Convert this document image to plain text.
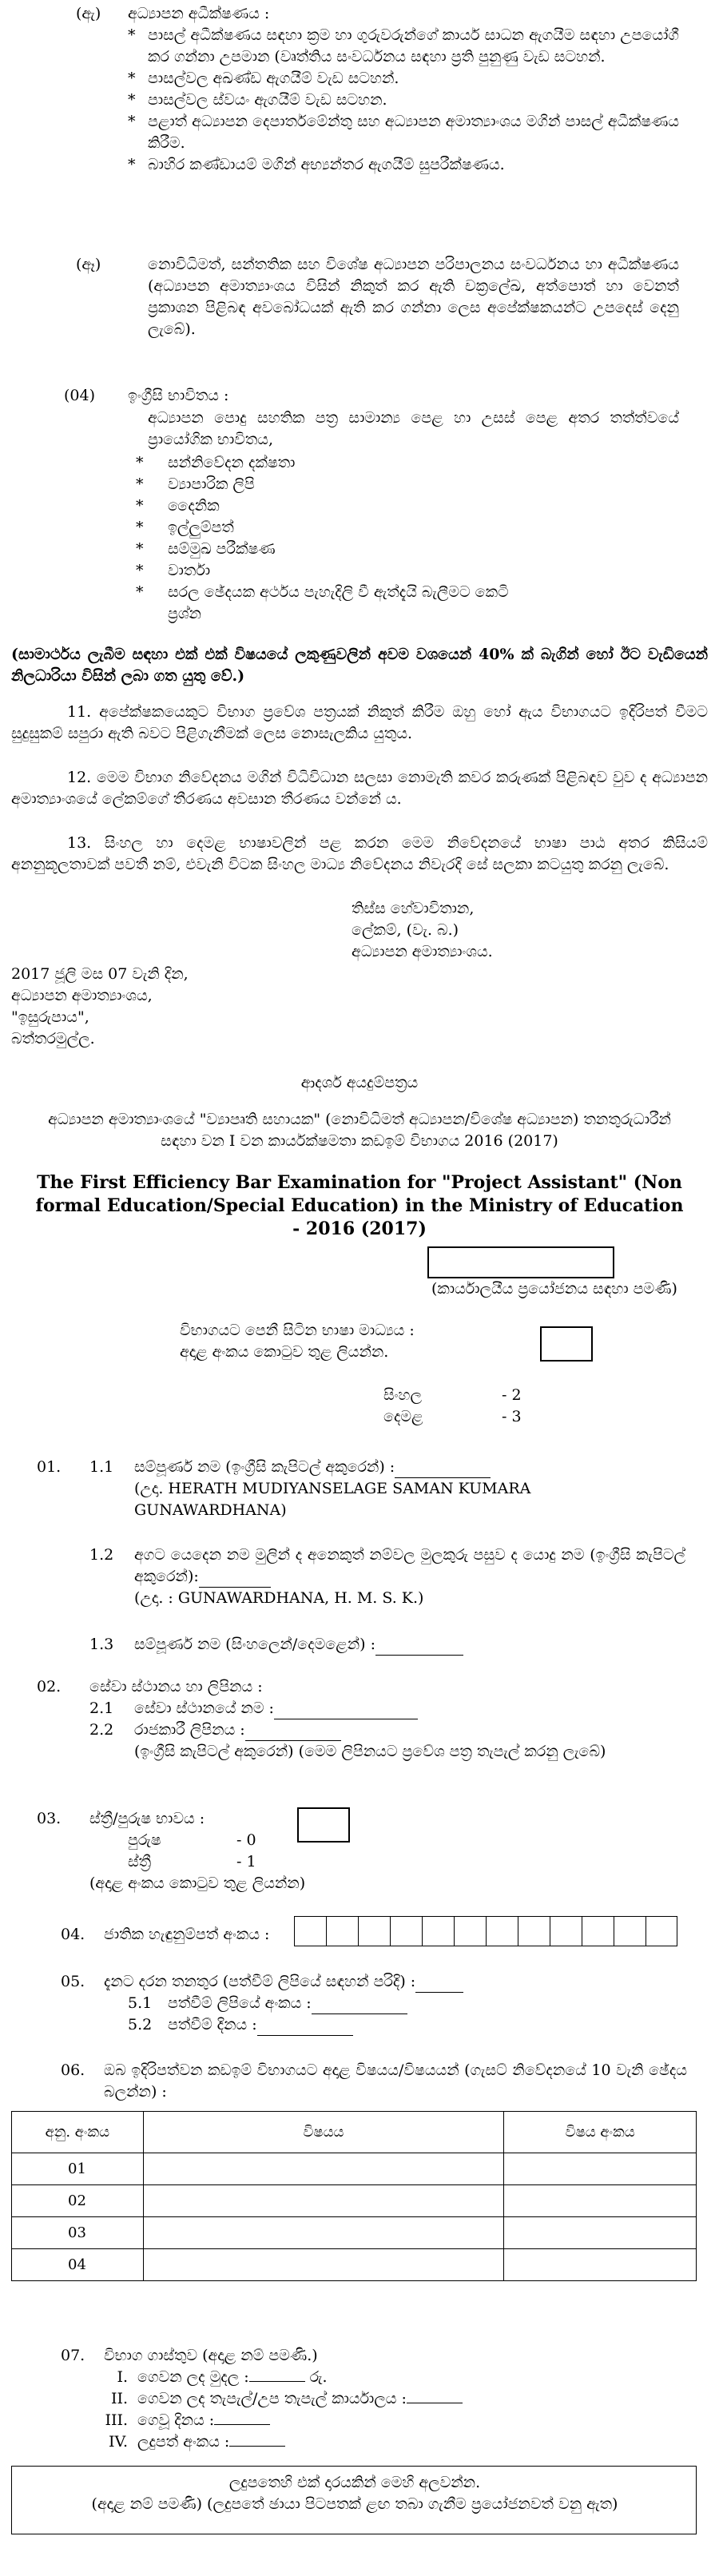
(ඇ) අධ්‍යාපන අධීක්ෂණය :
* පාසල් අධීක්ෂණය සඳහා ක්‍රම හා ගුරුවරුන්ගේ කාර්ය සාධන ඇගයීම සඳහා උපයෝගී කර ගන්නා උපමාන (වෘත්තිය සංවර්ධනය සඳහා ප්‍රති පුනුණු වැඩ සටහන්.
* පාසල්වල අඛණ්ඩ ඇගයීම් වැඩ සටහන්.
* පාසල්වල ස්වයං ඇගයීම් වැඩ සටහන.
* පළාත් අධ්‍යාපන දෙපාර්තමේන්තු සහ අධ්‍යාපන අමාත්‍යාංශය මගින් පාසල් අධීක්ෂණය කිරීම.
* බාහිර කණ්ඩායම් මගින් අභ්‍යන්තර ඇගයීම් සුපරීක්ෂණය.
(ඈ)	නොවිධිමත්, සන්තතික සහ විශේෂ අධ්‍යාපන පරිපාලනය සංවර්ධනය හා අධීක්ෂණය (අධ්‍යාපන අමාත්‍යාංශය විසින් නිකුත් කර ඇති චක්‍රලේඛ, අත්පොත් හා වෙනත් ප්‍රකාශන පිළිබඳ අවබෝධයක් ඇති කර ගන්නා ලෙස අපේක්ෂකයන්ට උපදෙස් දෙනු ලැබේ).
(04) ඉංග්‍රීසි භාවිතය :
අධ්‍යාපන පොදු සහතික පත්‍ර සාමාන්‍ය පෙළ හා උසස් පෙළ අතර තත්ත්වයේ ප්‍රායෝගික භාවිතය,
*	සන්නිවේදන දක්ෂතා
*	ව්‍යාපාරික ලිපි
*	දෛනික
*	ඉල්ලුම්පත්
*	සම්මුඛ පරීක්ෂණ
*	වාර්තා
*	සරල ඡේදයක අර්ථය පැහැදිලි වී ඇත්දැයි බැලීමට කෙටි ප්‍රශ්න
(සාමාර්ථය ලැබීම සඳහා එක් එක් විෂයයේ ලකුණුවලින් අවම වශයෙන් 40% ක් බැගින් හෝ ඊට වැඩියෙන් නිලධාරියා විසින් ලබා ගත යුතු වේ.)
11. අපේක්ෂකයෙකුට විභාග ප්‍රවේශ පත්‍රයක් නිකුත් කිරීම ඔහු හෝ ඇය විභාගයට ඉදිරිපත් වීමට සුදුසුකම් සපුරා ඇති බවට පිළිගැනීමක් ලෙස නොසැලකිය යුතුය.
12. මෙම විභාග නිවේදනය මගින් විධිවිධාන සලසා නොමැති කවර කරුණක් පිළිබඳව වුව ද අධ්‍යාපන අමාත්‍යාංශයේ ලේකම්ගේ තීරණය අවසාන තීරණය වන්නේ ය.
13. සිංහල හා දෙමළ භාෂාවලින් පළ කරන මෙම නිවේදනයේ භාෂා පාඨ අතර කිසියම් අනනුකූලතාවක් පවතී නම්, එවැනි විටක සිංහල මාධ්‍ය නිවේදනය නිවැරදි සේ සලකා කටයුතු කරනු ලැබේ.
තිස්ස හේවාවිතාන,
ලේකම්, (වැ. බ.)
අධ්‍යාපන අමාත්‍යාංශය.
2017 ජූලි මස 07 වැනි දින,
අධ්‍යාපන අමාත්‍යාංශය,
"ඉසුරුපාය",
බත්තරමුල්ල.
ආදර්ශ අයදුම්පත්‍රය
අධ්‍යාපන අමාත්‍යාංශයේ "ව්‍යාපෘති සහායක" (නොවිධිමත් අධ්‍යාපන/විශේෂ අධ්‍යාපන) තනතුරුධාරීන් සඳහා වන I වන කාර්යක්ෂමතා කඩඉම් විභාගය 2016 (2017)
The First Efficiency Bar Examination for "Project Assistant" (Non formal Education/Special Education) in the Ministry of Education - 2016 (2017)
(කාර්යාලයීය ප්‍රයෝජනය සඳහා පමණි)
විභාගයට පෙනී සිටින භාෂා මාධ්‍යය :
අදාළ අංකය කොටුව තුළ ලියන්න.
සිංහල	- 2
දෙමළ	- 3
01. 1.1 සම්පූර්ණ නම (ඉංග්‍රීසි කැපිටල් අකුරෙන්) :
(උදා. HERATH MUDIYANSELAGE SAMAN KUMARA GUNAWARDHANA)
1.2 අගට යෙදෙන නම මුලින් ද අනෙකුත් නම්වල මුලකුරු පසුව ද යොදු නම (ඉංග්‍රීසි කැපිටල් අකුරෙන්):
(උදා. : GUNAWARDHANA, H. M. S. K.)
1.3 සම්පූර්ණ නම (සිංහලෙන්/දෙමළෙන්) :
02. සේවා ස්ථානය හා ලිපිනය :
2.1 සේවා ස්ථානයේ නම :
2.2 රාජකාරී ලිපිනය :
(ඉංග්‍රීසි කැපිටල් අකුරෙන්) (මෙම ලිපිනයට ප්‍රවේශ පත්‍ර තැපැල් කරනු ලැබේ)
03. ස්ත්‍රී/පුරුෂ භාවය :
පුරුෂ	- 0
ස්ත්‍රී	- 1
(අදාළ අංකය කොටුව තුළ ලියන්න)
04. ජාතික හැඳුනුම්පත් අංකය :
05. දැනට දරන තනතුර (පත්වීම් ලිපියේ සඳහන් පරිදි) :
5.1 පත්වීම් ලිපියේ අංකය :
5.2 පත්වීම් දිනය :
06. ඔබ ඉදිරිපත්වන කඩඉම් විභාගයට අදාළ විෂයය/විෂයයන් (ගැසට් නිවේදනයේ 10 වැනි ඡේදය බලන්න) :
අනු. අංකය	විෂයය	විෂය අංකය
01		
02		
03		
04		
07. විභාග ගාස්තුව (අදාළ නම් පමණි.)
I. ගෙවන ලද මුදල :	රු.
II. ගෙවන ලද තැපැල්/උප තැපැල් කාර්යාලය :
III. ගෙවූ දිනය :
IV. ලදුපත් අංකය :
ලදුපතෙහි එක් දාරයකින් මෙහි අලවන්න.
(අදාළ නම් පමණි) (ලදුපතේ ඡායා පිටපතක් ළඟ තබා ගැනීම ප්‍රයෝජනවත් වනු ඇත)
